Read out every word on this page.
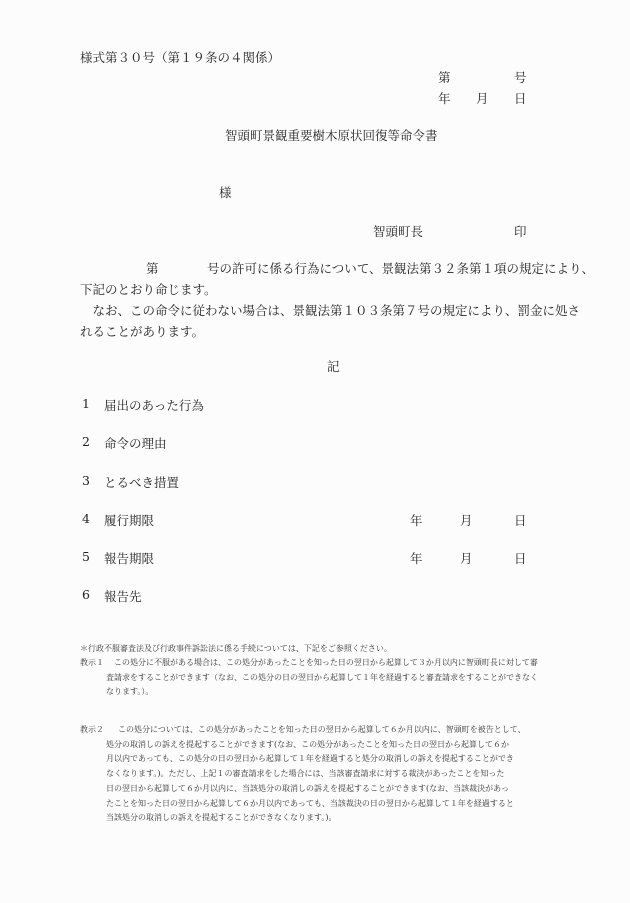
様式第３０号（第１９条の４関係）
第	号
年 月 日
智頭町景観重要樹木原状回復等命令書
様
智頭町長	印
第	号の許可に係る行為について、景観法第３２条第１項の規定により、
下記のとおり命じます。
　なお、この命令に従わない場合は、景観法第１０３条第７号の規定により、罰金に処さ
れることがあります。
記
1 届出のあった行為
2 命令の理由
3 とるべき措置
4 履行期限	年	月	日
5 報告期限	年	月	日
6 報告先
＊行政不服審査法及び行政事件訴訟法に係る手続については、下記をご参照ください。
教示１	この処分に不服がある場合は、この処分があったことを知った日の翌日から起算して３か月以内に智頭町長に対して審
査請求をすることができます（なお、この処分の日の翌日から起算して１年を経過すると審査請求をすることができなく
なります。）。
教示２	この処分については、この処分があったことを知った日の翌日から起算して６か月以内に、智頭町を被告として、
処分の取消しの訴えを提起することができます(なお、この処分があったことを知った日の翌日から起算して６か
月以内であっても、この処分の日の翌日から起算して１年を経過すると処分の取消しの訴えを提起することができ
なくなります。)。ただし、上記１の審査請求をした場合には、当該審査請求に対する裁決があったことを知った
日の翌日から起算して６か月以内に、当該処分の取消しの訴えを提起することができます(なお、当該裁決があっ
たことを知った日の翌日から起算して６か月以内であっても、当該裁決の日の翌日から起算して１年を経過すると
当該処分の取消しの訴えを提起することができなくなります。)。
